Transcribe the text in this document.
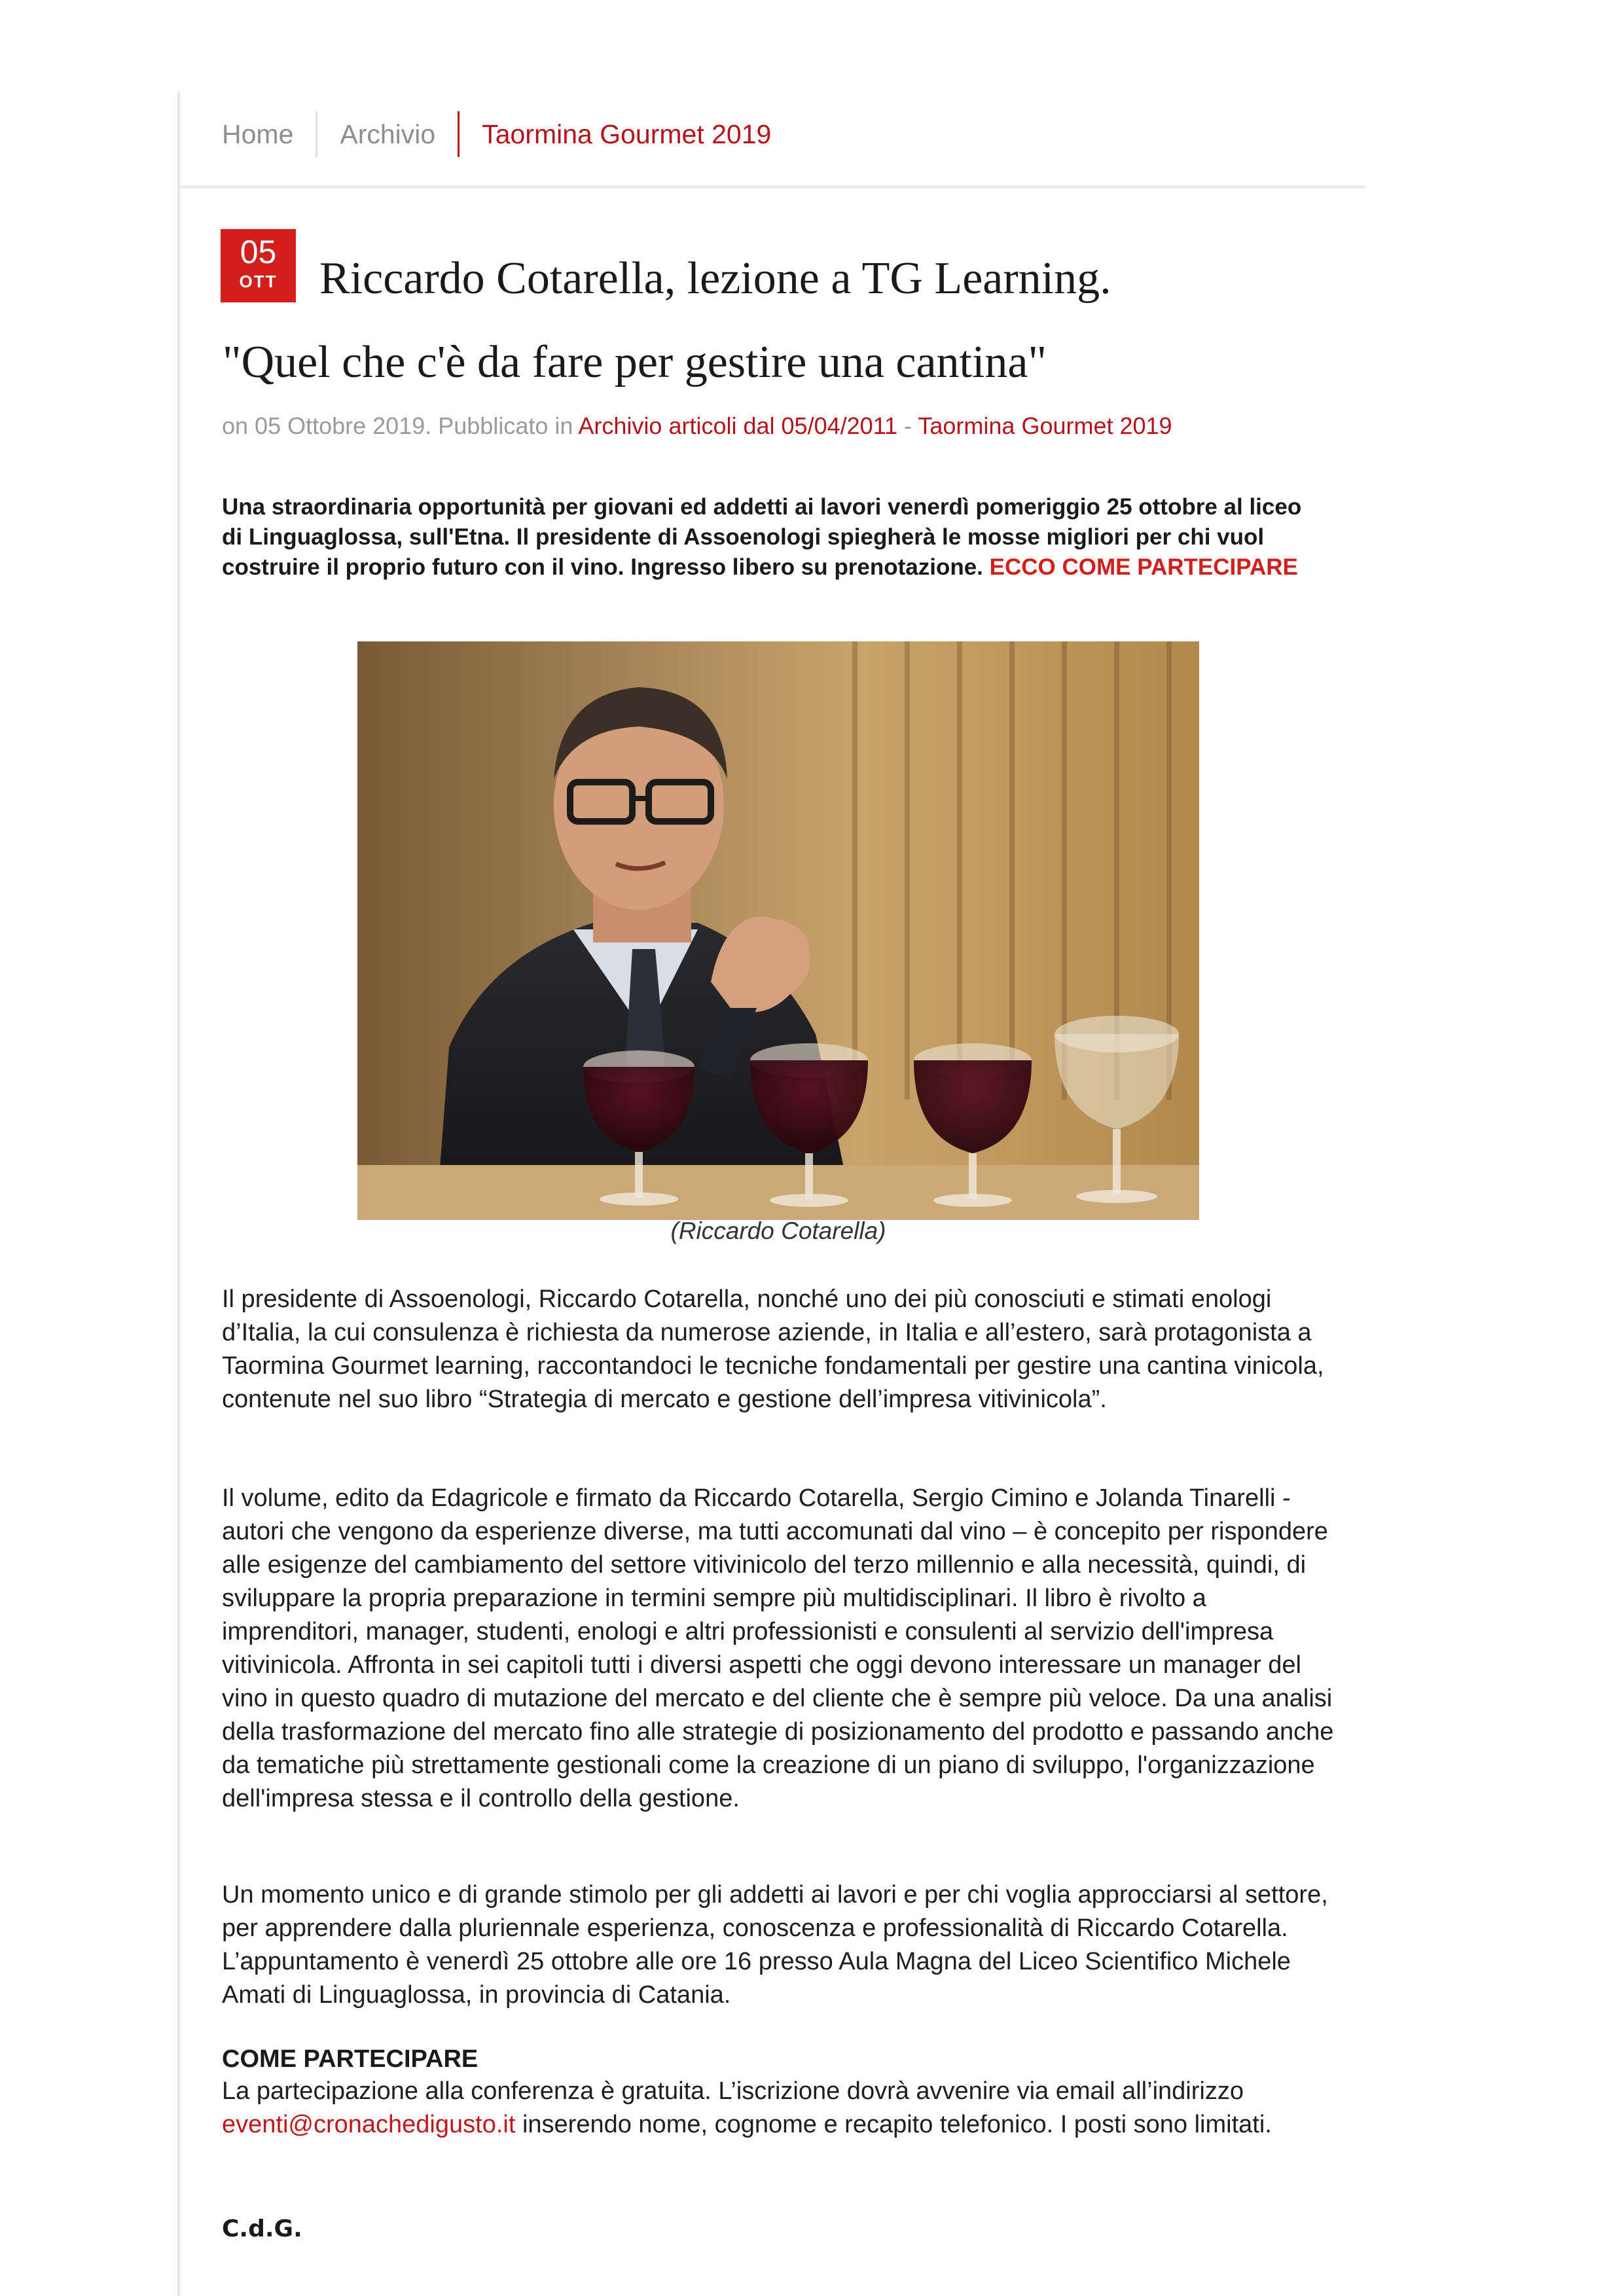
Home	Archivio	Taormina Gourmet 2019
05
OTT Riccardo Cotarella, lezione a TG Learning.
"Quel che c'è da fare per gestire una cantina"
on 05 Ottobre 2019. Pubblicato in Archivio articoli dal 05/04/2011 - Taormina Gourmet 2019

Una straordinaria opportunità per giovani ed addetti ai lavori venerdì pomeriggio 25 ottobre al liceo di Linguaglossa, sull'Etna. Il presidente di Assoenologi spiegherà le mosse migliori per chi vuol costruire il proprio futuro con il vino. Ingresso libero su prenotazione. ECCO COME PARTECIPARE

(Riccardo Cotarella)

Il presidente di Assoenologi, Riccardo Cotarella, nonché uno dei più conosciuti e stimati enologi d’Italia, la cui consulenza è richiesta da numerose aziende, in Italia e all’estero, sarà protagonista a Taormina Gourmet learning, raccontandoci le tecniche fondamentali per gestire una cantina vinicola, contenute nel suo libro “Strategia di mercato e gestione dell’impresa vitivinicola”.

Il volume, edito da Edagricole e firmato da Riccardo Cotarella, Sergio Cimino e Jolanda Tinarelli - autori che vengono da esperienze diverse, ma tutti accomunati dal vino – è concepito per rispondere alle esigenze del cambiamento del settore vitivinicolo del terzo millennio e alla necessità, quindi, di sviluppare la propria preparazione in termini sempre più multidisciplinari. Il libro è rivolto a imprenditori, manager, studenti, enologi e altri professionisti e consulenti al servizio dell'impresa vitivinicola. Affronta in sei capitoli tutti i diversi aspetti che oggi devono interessare un manager del vino in questo quadro di mutazione del mercato e del cliente che è sempre più veloce. Da una analisi della trasformazione del mercato fino alle strategie di posizionamento del prodotto e passando anche da tematiche più strettamente gestionali come la creazione di un piano di sviluppo, l'organizzazione dell'impresa stessa e il controllo della gestione.

Un momento unico e di grande stimolo per gli addetti ai lavori e per chi voglia approcciarsi al settore, per apprendere dalla pluriennale esperienza, conoscenza e professionalità di Riccardo Cotarella. L’appuntamento è venerdì 25 ottobre alle ore 16 presso Aula Magna del Liceo Scientifico Michele Amati di Linguaglossa, in provincia di Catania.

COME PARTECIPARE

La partecipazione alla conferenza è gratuita. L’iscrizione dovrà avvenire via email all’indirizzo eventi@cronachedigusto.it inserendo nome, cognome e recapito telefonico. I posti sono limitati.

C.d.G.
